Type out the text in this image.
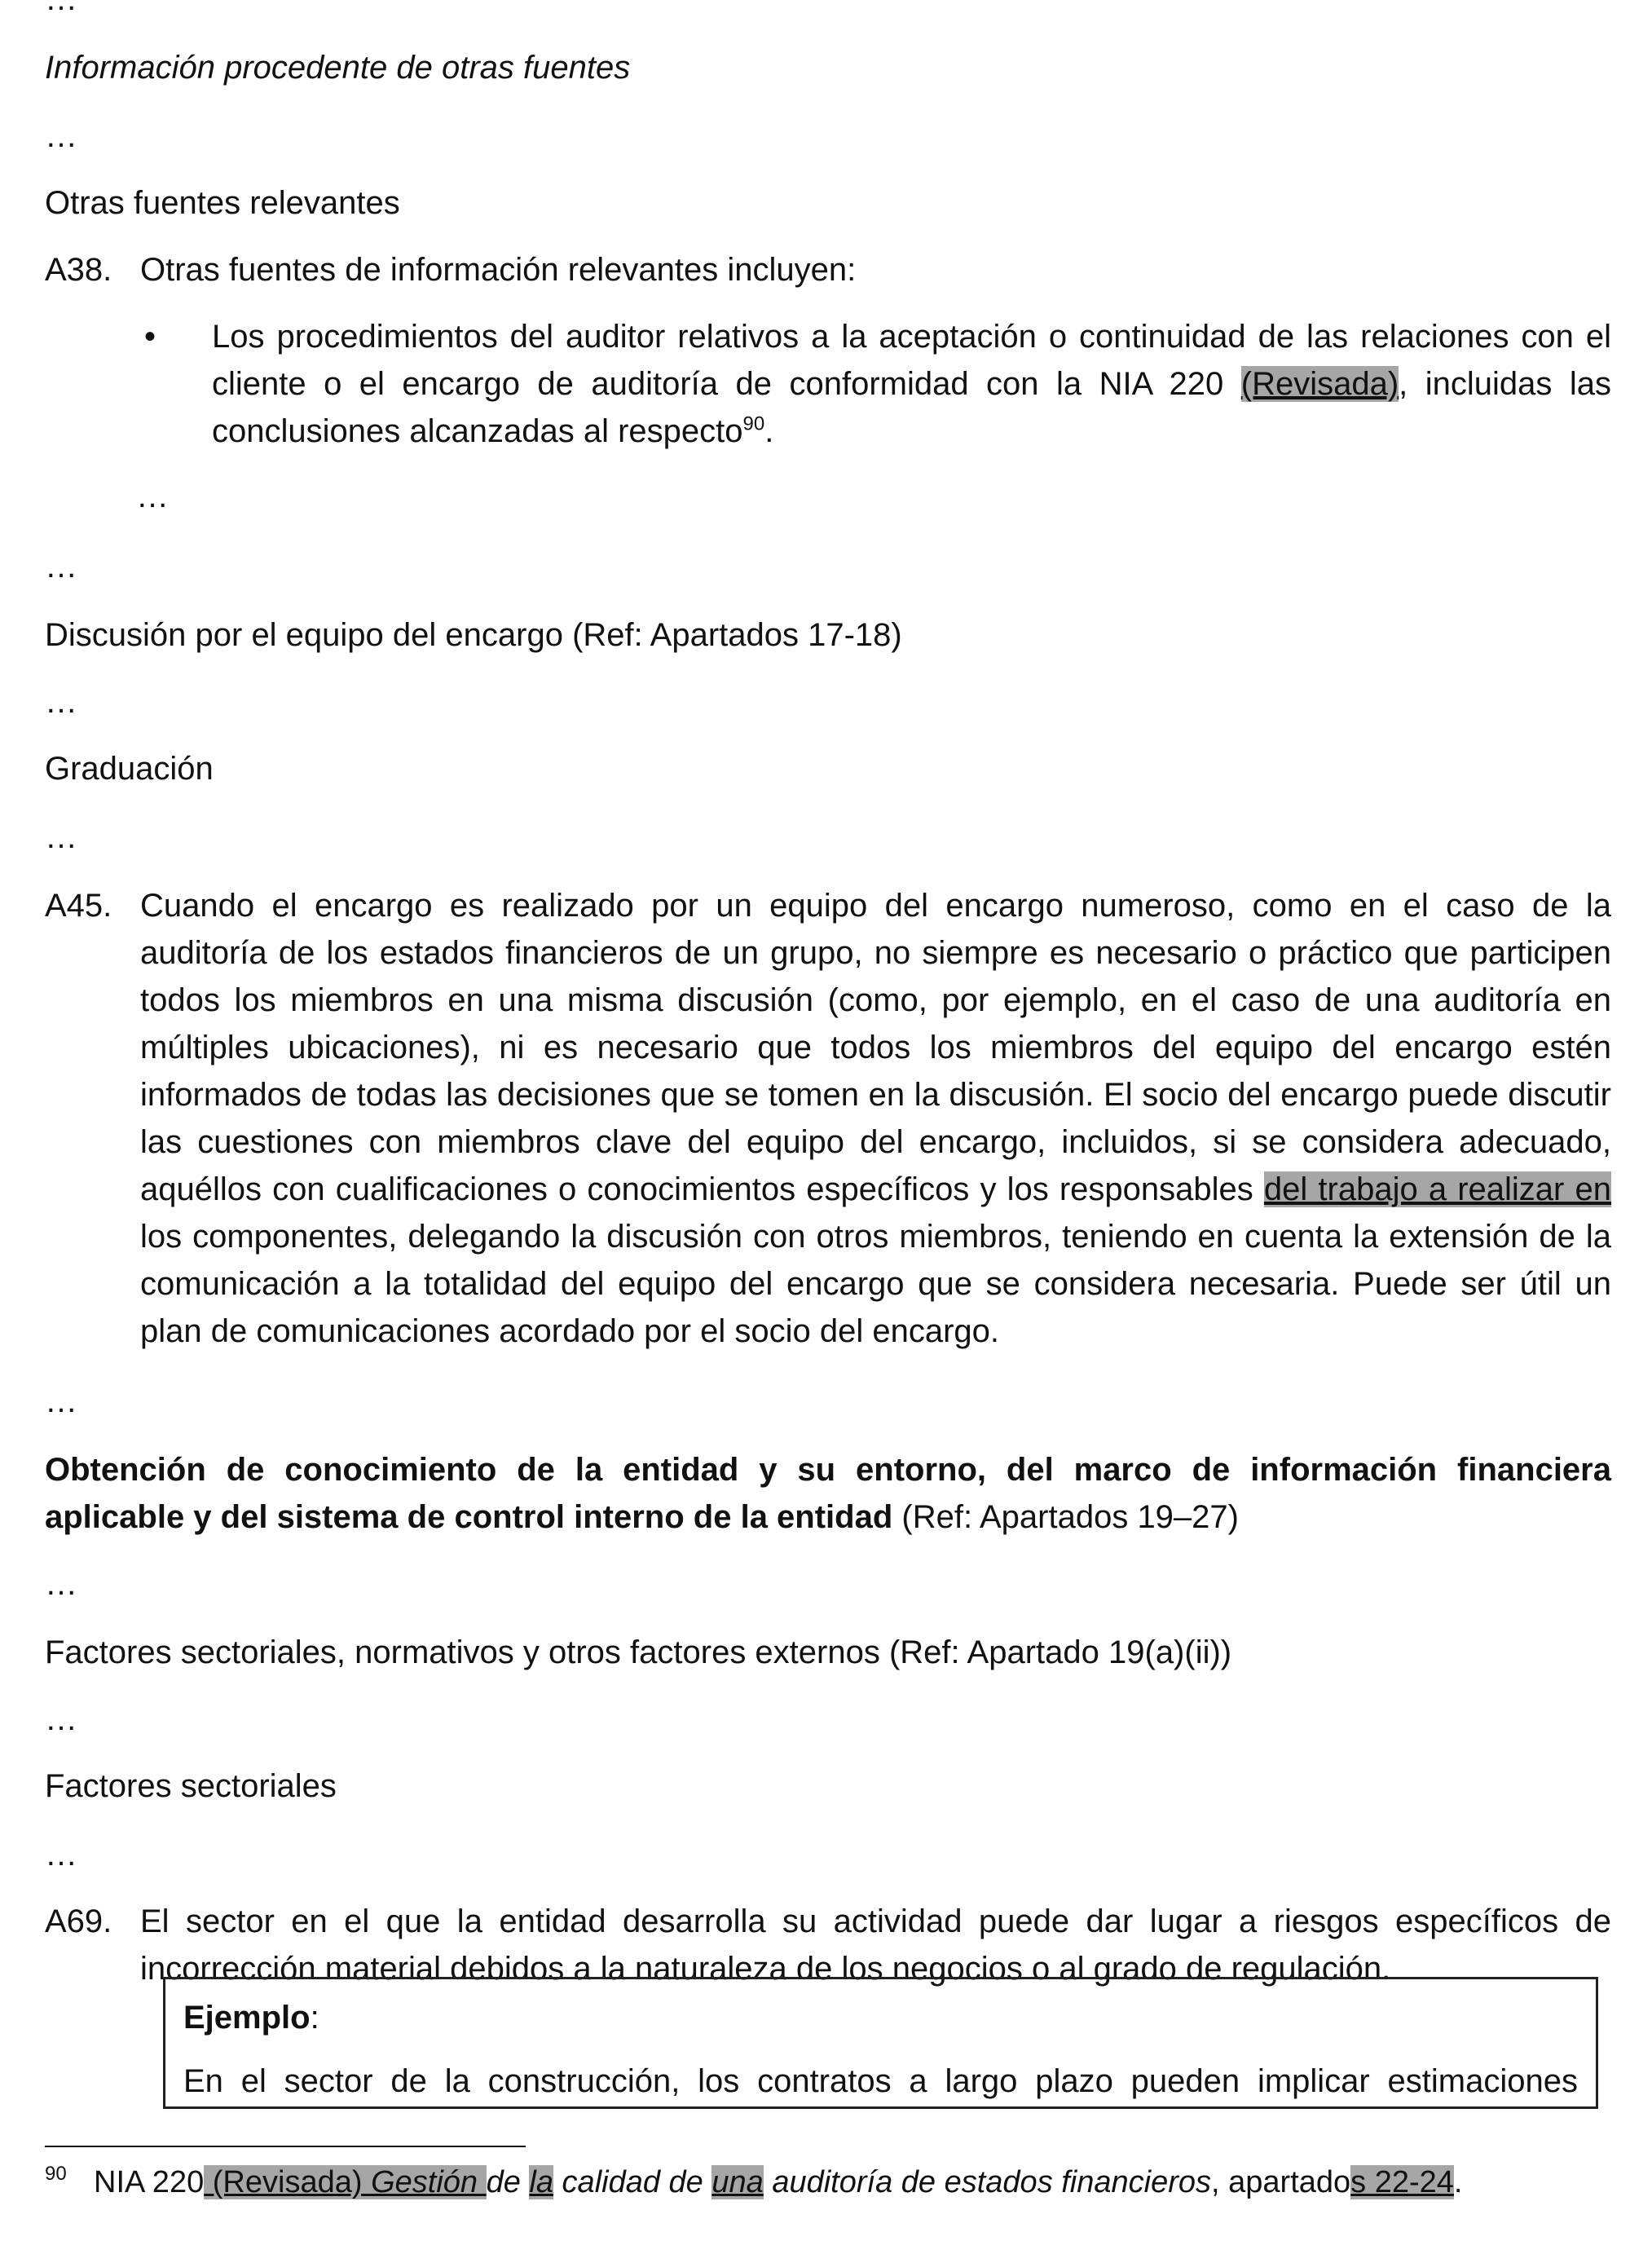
Información procedente de otras fuentes
…
Otras fuentes relevantes
A38. Otras fuentes de información relevantes incluyen:
• Los procedimientos del auditor relativos a la aceptación o continuidad de las relaciones con el cliente o el encargo de auditoría de conformidad con la NIA 220 (Revisada), incluidas las conclusiones alcanzadas al respecto$^{90}$.
…
…
Discusión por el equipo del encargo (Ref: Apartados 17-18)
…
Graduación
…
A45. Cuando el encargo es realizado por un equipo del encargo numeroso, como en el caso de la auditoría de los estados financieros de un grupo, no siempre es necesario o práctico que participen todos los miembros en una misma discusión (como, por ejemplo, en el caso de una auditoría en múltiples ubicaciones), ni es necesario que todos los miembros del equipo del encargo estén informados de todas las decisiones que se tomen en la discusión. El socio del encargo puede discutir las cuestiones con miembros clave del equipo del encargo, incluidos, si se considera adecuado, aquéllos con cualificaciones o conocimientos específicos y los responsables del trabajo a realizar en los componentes, delegando la discusión con otros miembros, teniendo en cuenta la extensión de la comunicación a la totalidad del equipo del encargo que se considera necesaria. Puede ser útil un plan de comunicaciones acordado por el socio del encargo.
…
Obtención de conocimiento de la entidad y su entorno, del marco de información financiera aplicable y del sistema de control interno de la entidad (Ref: Apartados 19–27)
…
Factores sectoriales, normativos y otros factores externos (Ref: Apartado 19(a)(ii))
…
Factores sectoriales
…
A69. El sector en el que la entidad desarrolla su actividad puede dar lugar a riesgos específicos de incorrección material debidos a la naturaleza de los negocios o al grado de regulación.
Ejemplo:
En el sector de la construcción, los contratos a largo plazo pueden implicar estimaciones
90 NIA 220 (Revisada) Gestión de la calidad de una auditoría de estados financieros, apartados 22-24.
